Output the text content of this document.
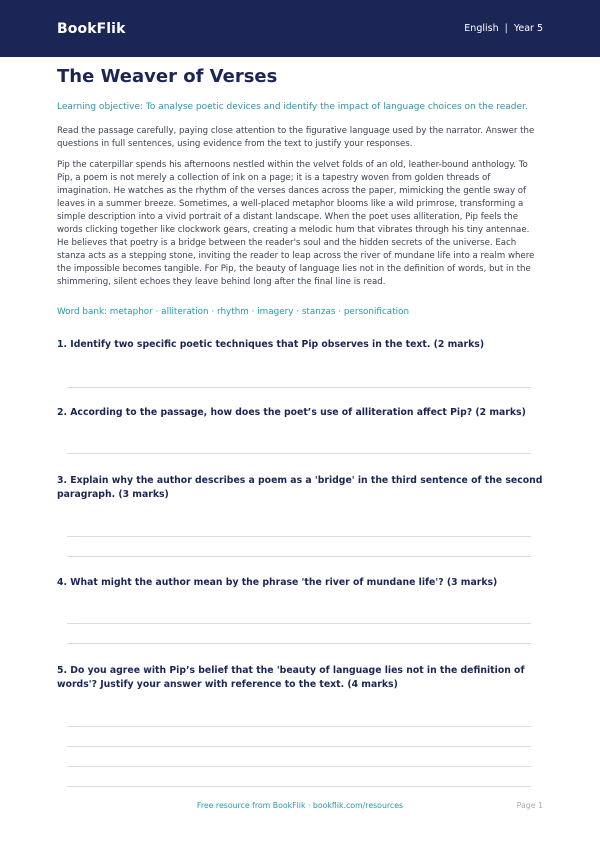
BookFlik	English | Year 5
The Weaver of Verses

Learning objective: To analyse poetic devices and identify the impact of language choices on the reader.

Read the passage carefully, paying close attention to the figurative language used by the narrator. Answer the questions in full sentences, using evidence from the text to justify your responses.

Pip the caterpillar spends his afternoons nestled within the velvet folds of an old, leather-bound anthology. To Pip, a poem is not merely a collection of ink on a page; it is a tapestry woven from golden threads of imagination. He watches as the rhythm of the verses dances across the paper, mimicking the gentle sway of leaves in a summer breeze. Sometimes, a well-placed metaphor blooms like a wild primrose, transforming a simple description into a vivid portrait of a distant landscape. When the poet uses alliteration, Pip feels the words clicking together like clockwork gears, creating a melodic hum that vibrates through his tiny antennae. He believes that poetry is a bridge between the reader's soul and the hidden secrets of the universe. Each stanza acts as a stepping stone, inviting the reader to leap across the river of mundane life into a realm where the impossible becomes tangible. For Pip, the beauty of language lies not in the definition of words, but in the shimmering, silent echoes they leave behind long after the final line is read.

Word bank: metaphor · alliteration · rhythm · imagery · stanzas · personification

1. Identify two specific poetic techniques that Pip observes in the text. (2 marks)

2. According to the passage, how does the poet’s use of alliteration affect Pip? (2 marks)

3. Explain why the author describes a poem as a 'bridge' in the third sentence of the second paragraph. (3 marks)

4. What might the author mean by the phrase 'the river of mundane life'? (3 marks)

5. Do you agree with Pip’s belief that the 'beauty of language lies not in the definition of words'? Justify your answer with reference to the text. (4 marks)

Free resource from BookFlik · bookflik.com/resources	Page 1
